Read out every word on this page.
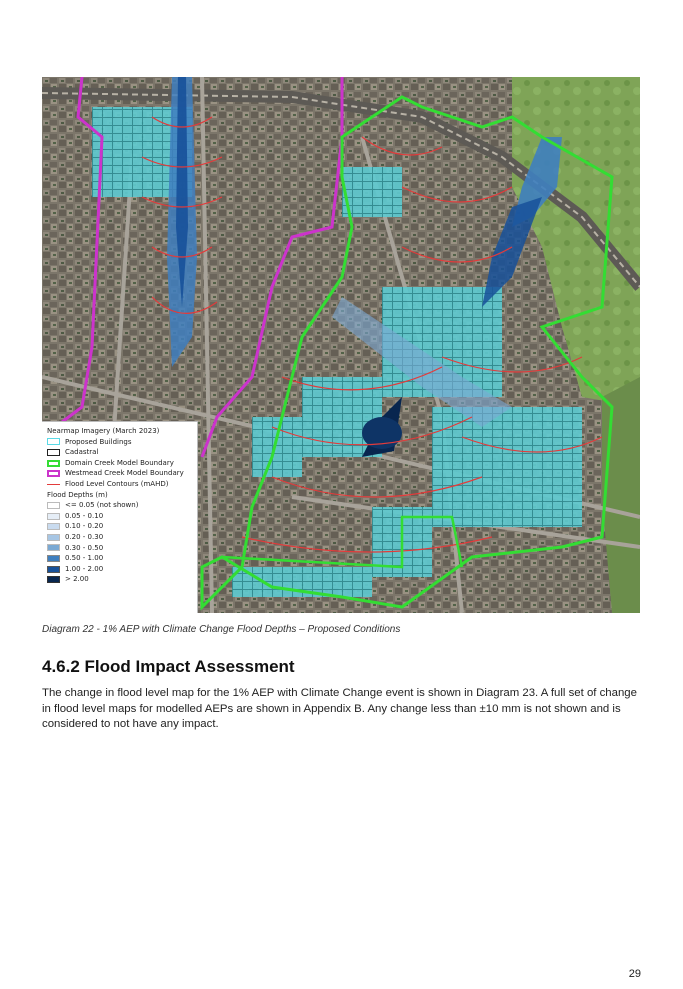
Nearmap Imagery (March 2023)
Proposed Buildings
Cadastral
Domain Creek Model Boundary
Westmead Creek Model Boundary
Flood Level Contours (mAHD)
Flood Depths (m)
<= 0.05 (not shown)
0.05 - 0.10
0.10 - 0.20
0.20 - 0.30
0.30 - 0.50
0.50 - 1.00
1.00 - 2.00
> 2.00
Diagram 22 - 1% AEP with Climate Change Flood Depths – Proposed Conditions
4.6.2 Flood Impact Assessment

The change in flood level map for the 1% AEP with Climate Change event is shown in Diagram 23. A full set of change in flood level maps for modelled AEPs are shown in Appendix B. Any change less than ±10 mm is not shown and is considered to not have any impact.

29
